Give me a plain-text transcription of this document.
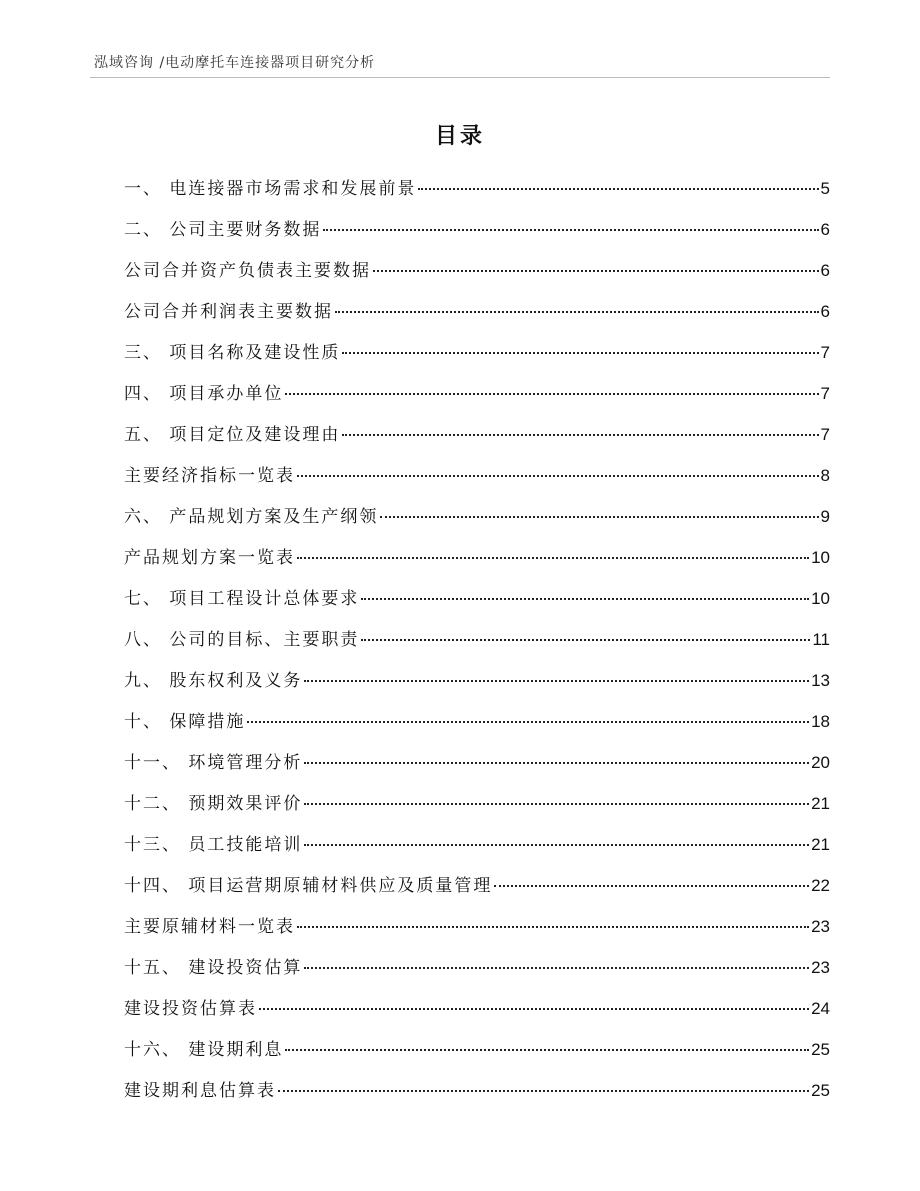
泓域咨询 /电动摩托车连接器项目研究分析
目录
一、 电连接器市场需求和发展前景	5
二、 公司主要财务数据	6
公司合并资产负债表主要数据	6
公司合并利润表主要数据	6
三、 项目名称及建设性质	7
四、 项目承办单位	7
五、 项目定位及建设理由	7
主要经济指标一览表	8
六、 产品规划方案及生产纲领	9
产品规划方案一览表	10
七、 项目工程设计总体要求	10
八、 公司的目标、主要职责	11
九、 股东权利及义务	13
十、 保障措施	18
十一、 环境管理分析	20
十二、 预期效果评价	21
十三、 员工技能培训	21
十四、 项目运营期原辅材料供应及质量管理	22
主要原辅材料一览表	23
十五、 建设投资估算	23
建设投资估算表	24
十六、 建设期利息	25
建设期利息估算表	25
